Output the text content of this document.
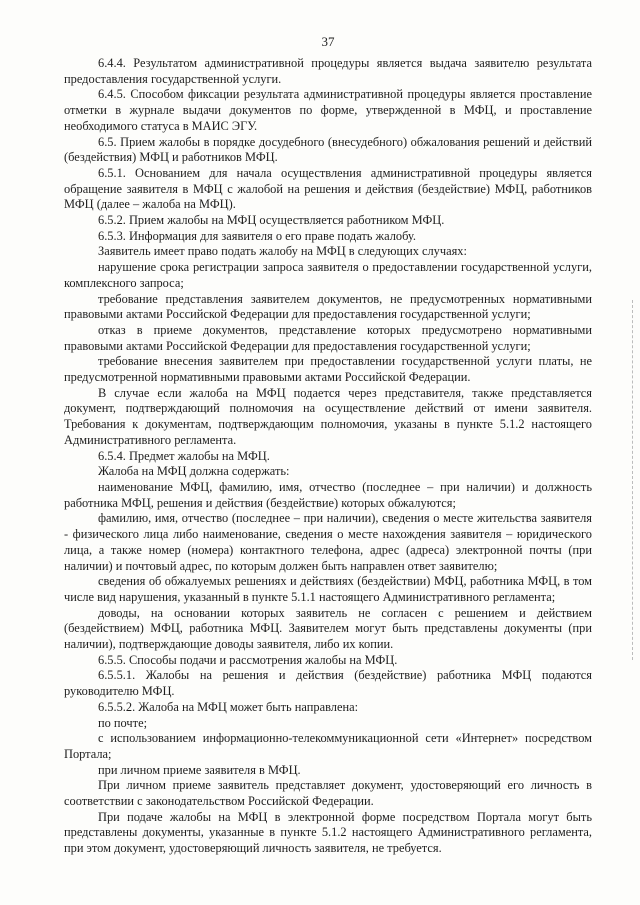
37

6.4.4. Результатом административной процедуры является выдача заявителю результата предоставления государственной услуги.

6.4.5. Способом фиксации результата административной процедуры является проставление отметки в журнале выдачи документов по форме, утвержденной в МФЦ, и проставление необходимого статуса в МАИС ЭГУ.

6.5. Прием жалобы в порядке досудебного (внесудебного) обжалования решений и действий (бездействия) МФЦ и работников МФЦ.

6.5.1. Основанием для начала осуществления административной процедуры является обращение заявителя в МФЦ с жалобой на решения и действия (бездействие) МФЦ, работников МФЦ (далее – жалоба на МФЦ).

6.5.2. Прием жалобы на МФЦ осуществляется работником МФЦ.

6.5.3. Информация для заявителя о его праве подать жалобу.

Заявитель имеет право подать жалобу на МФЦ в следующих случаях:

нарушение срока регистрации запроса заявителя о предоставлении государственной услуги, комплексного запроса;

требование представления заявителем документов, не предусмотренных нормативными правовыми актами Российской Федерации для предоставления государственной услуги;

отказ в приеме документов, представление которых предусмотрено нормативными правовыми актами Российской Федерации для предоставления государственной услуги;

требование внесения заявителем при предоставлении государственной услуги платы, не предусмотренной нормативными правовыми актами Российской Федерации.

В случае если жалоба на МФЦ подается через представителя, также представляется документ, подтверждающий полномочия на осуществление действий от имени заявителя. Требования к документам, подтверждающим полномочия, указаны в пункте 5.1.2 настоящего Административного регламента.

6.5.4. Предмет жалобы на МФЦ.

Жалоба на МФЦ должна содержать:

наименование МФЦ, фамилию, имя, отчество (последнее – при наличии) и должность работника МФЦ, решения и действия (бездействие) которых обжалуются;

фамилию, имя, отчество (последнее – при наличии), сведения о месте жительства заявителя - физического лица либо наименование, сведения о месте нахождения заявителя – юридического лица, а также номер (номера) контактного телефона, адрес (адреса) электронной почты (при наличии) и почтовый адрес, по которым должен быть направлен ответ заявителю;

сведения об обжалуемых решениях и действиях (бездействии) МФЦ, работника МФЦ, в том числе вид нарушения, указанный в пункте 5.1.1 настоящего Административного регламента;

доводы, на основании которых заявитель не согласен с решением и действием (бездействием) МФЦ, работника МФЦ. Заявителем могут быть представлены документы (при наличии), подтверждающие доводы заявителя, либо их копии.

6.5.5. Способы подачи и рассмотрения жалобы на МФЦ.

6.5.5.1. Жалобы на решения и действия (бездействие) работника МФЦ подаются руководителю МФЦ.

6.5.5.2. Жалоба на МФЦ может быть направлена:

по почте;

с использованием информационно-телекоммуникационной сети «Интернет» посредством Портала;

при личном приеме заявителя в МФЦ.

При личном приеме заявитель представляет документ, удостоверяющий его личность в соответствии с законодательством Российской Федерации.

При подаче жалобы на МФЦ в электронной форме посредством Портала могут быть представлены документы, указанные в пункте 5.1.2 настоящего Административного регламента, при этом документ, удостоверяющий личность заявителя, не требуется.
